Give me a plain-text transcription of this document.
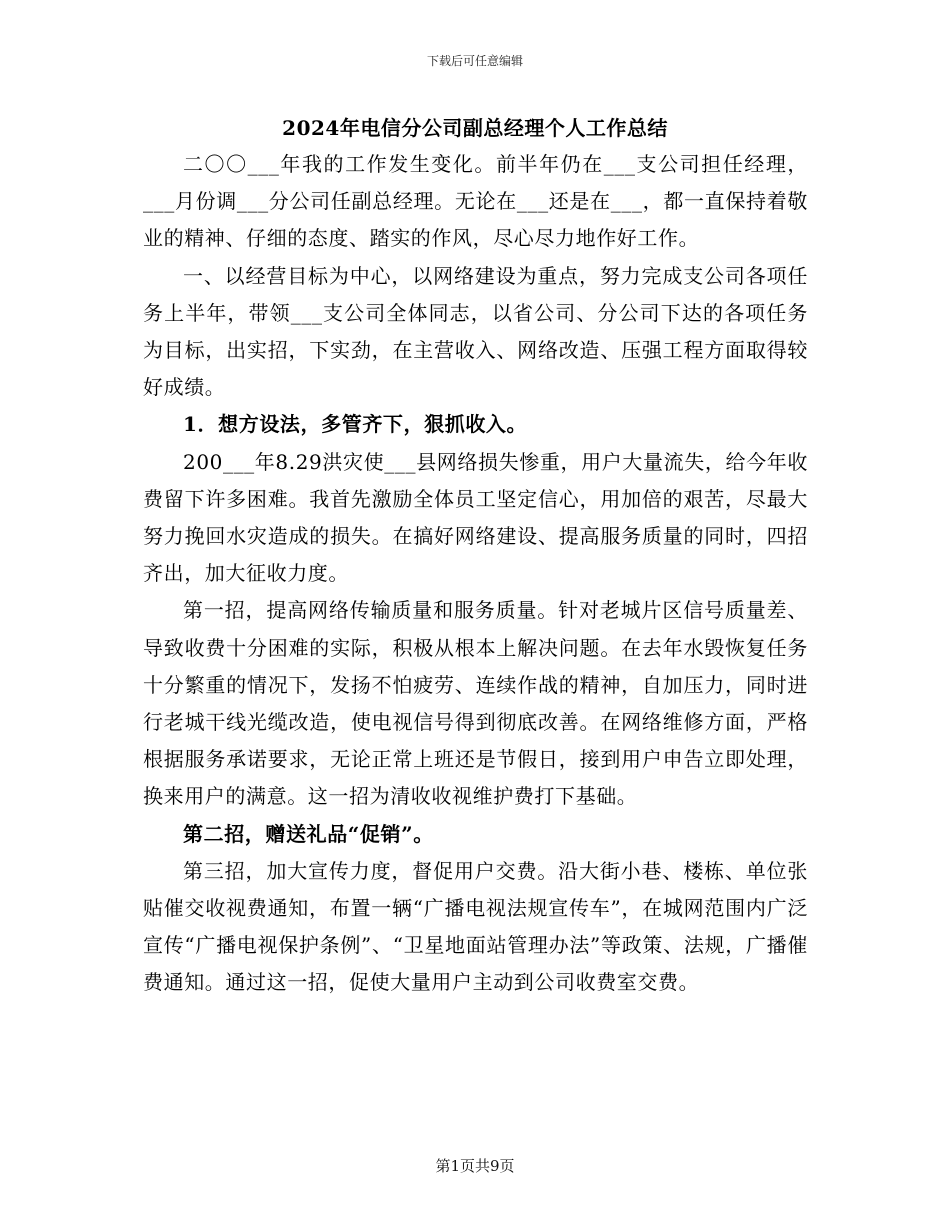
下载后可任意编辑
2024年电信分公司副总经理个人工作总结

二〇〇___年我的工作发生变化。前半年仍在___支公司担任经理，___月份调___分公司任副总经理。无论在___还是在___，都一直保持着敬业的精神、仔细的态度、踏实的作风，尽心尽力地作好工作。

一、以经营目标为中心，以网络建设为重点，努力完成支公司各项任务上半年，带领___支公司全体同志，以省公司、分公司下达的各项任务为目标，出实招，下实劲，在主营收入、网络改造、压强工程方面取得较好成绩。

1．想方设法，多管齐下，狠抓收入。

200___年8.29洪灾使___县网络损失惨重，用户大量流失，给今年收费留下许多困难。我首先激励全体员工坚定信心，用加倍的艰苦，尽最大努力挽回水灾造成的损失。在搞好网络建设、提高服务质量的同时，四招齐出，加大征收力度。

第一招，提高网络传输质量和服务质量。针对老城片区信号质量差、导致收费十分困难的实际，积极从根本上解决问题。在去年水毁恢复任务十分繁重的情况下，发扬不怕疲劳、连续作战的精神，自加压力，同时进行老城干线光缆改造，使电视信号得到彻底改善。在网络维修方面，严格根据服务承诺要求，无论正常上班还是节假日，接到用户申告立即处理，换来用户的满意。这一招为清收收视维护费打下基础。

第二招，赠送礼品“促销”。

第三招，加大宣传力度，督促用户交费。沿大街小巷、楼栋、单位张贴催交收视费通知，布置一辆“广播电视法规宣传车”，在城网范围内广泛宣传“广播电视保护条例”、“卫星地面站管理办法”等政策、法规，广播催费通知。通过这一招，促使大量用户主动到公司收费室交费。

第1页共9页
